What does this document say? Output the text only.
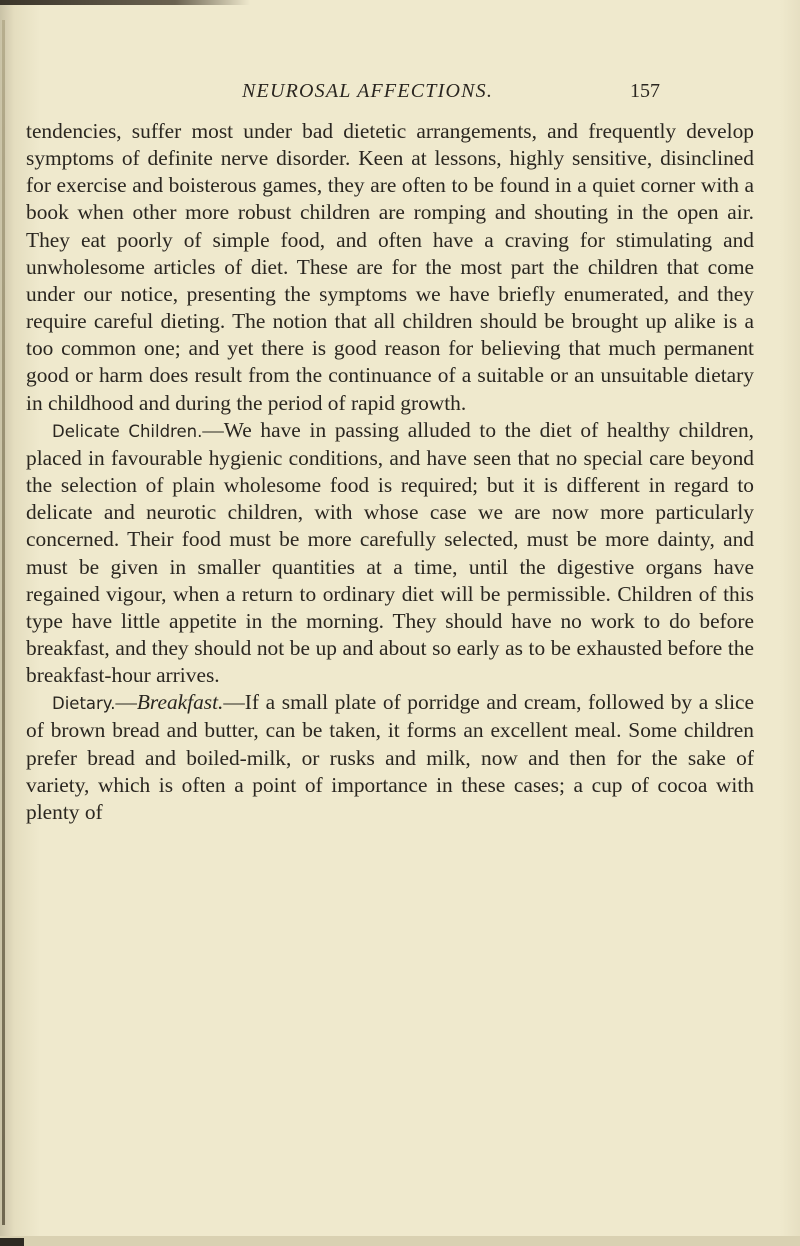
NEUROSAL AFFECTIONS.	157

tendencies, suffer most under bad dietetic arrangements, and frequently develop symptoms of definite nerve disorder. Keen at lessons, highly sensitive, disinclined for exercise and boisterous games, they are often to be found in a quiet corner with a book when other more robust children are romping and shouting in the open air. They eat poorly of simple food, and often have a craving for stimulating and unwholesome articles of diet. These are for the most part the children that come under our notice, presenting the symptoms we have briefly enumerated, and they require careful dieting. The notion that all children should be brought up alike is a too common one; and yet there is good reason for believing that much permanent good or harm does result from the continuance of a suitable or an unsuitable dietary in childhood and during the period of rapid growth.

Delicate Children.—We have in passing alluded to the diet of healthy children, placed in favourable hygienic conditions, and have seen that no special care beyond the selection of plain wholesome food is required; but it is different in regard to delicate and neurotic children, with whose case we are now more particularly concerned. Their food must be more carefully selected, must be more dainty, and must be given in smaller quantities at a time, until the digestive organs have regained vigour, when a return to ordinary diet will be permissible. Children of this type have little appetite in the morning. They should have no work to do before breakfast, and they should not be up and about so early as to be exhausted before the breakfast-hour arrives.

Dietary.—Breakfast.—If a small plate of porridge and cream, followed by a slice of brown bread and butter, can be taken, it forms an excellent meal. Some children prefer bread and boiled-milk, or rusks and milk, now and then for the sake of variety, which is often a point of importance in these cases; a cup of cocoa with plenty of
